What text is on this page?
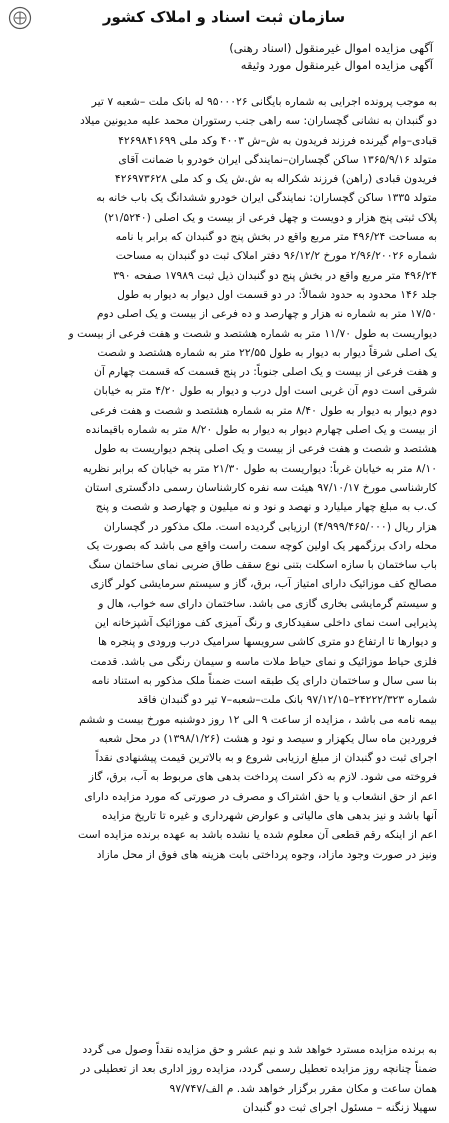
سازمان ثبت اسناد و املاک کشور
آگهی مزایده اموال غیرمنقول (اسناد رهنی)
آگهی مزایده اموال غیرمنقول مورد وثیقه
به موجب پرونده اجرایی به شماره بایگانی ۹۵۰۰۰۲۶ له بانک ملت –شعبه ۷ تیر
دو گنبدان به نشانی گچساران: سه راهی جنب رستوران محمد علیه مدیونین میلاد
قبادی–وام گیرنده فرزند فریدون به ش–ش ۴۰۰۳ وکد ملی ۴۲۶۹۸۴۱۶۹۹
متولد ۱۳۶۵/۹/۱۶ ساکن گچساران–نمایندگی ایران خودرو با ضمانت آقای
فریدون قبادی (راهن) فرزند شکراله به ش.ش یک و کد ملی ۴۲۶۹۷۳۶۲۸
متولد ۱۳۳۵ ساکن گچساران: نمایندگی ایران خودرو ششدانگ یک باب خانه به
پلاک ثبتی پنج هزار و دویست و چهل فرعی از بیست و یک اصلی (۲۱/۵۲۴۰)
به مساحت ۴۹۶/۲۴ متر مربع واقع در بخش پنج دو گنبدان که برابر با نامه
شماره ۲/۹۶/۲۰۰۲۶ مورخ ۹۶/۱۲/۲ دفتر املاک ثبت دو گنبدان به مساحت
۴۹۶/۲۴ متر مربع واقع در بخش پنج دو گنبدان ذیل ثبت ۱۷۹۸۹ صفحه ۳۹۰
جلد ۱۴۶ محدود به حدود شمالاً: در دو قسمت اول دیوار به دیوار به طول
۱۷/۵۰ متر به شماره نه هزار و چهارصد و ده فرعی از بیست و یک اصلی دوم
دیواریست به طول ۱۱/۷۰ متر به شماره هشتصد و شصت و هفت فرعی از بیست و
یک اصلی شرقاً دیوار به دیوار به طول ۲۲/۵۵ متر به شماره هشتصد و شصت
و هفت فرعی از بیست و یک اصلی جنوباً: در پنج قسمت که قسمت چهارم آن
شرقی است دوم آن غربی است اول درب و دیوار به طول ۴/۲۰ متر به خیابان
دوم دیوار به دیوار به طول ۸/۴۰ متر به شماره هشتصد و شصت و هفت فرعی
از بیست و یک اصلی چهارم دیوار به دیوار به طول ۸/۲۰ متر به شماره باقیمانده
هشتصد و شصت و هفت فرعی از بیست و یک اصلی پنجم دیواریست به طول
۸/۱۰ متر به خیابان غرباً: دیواریست به طول ۲۱/۳۰ متر به خیابان که برابر نظریه
کارشناسی مورخ ۹۷/۱۰/۱۷ هیئت سه نفره کارشناسان رسمی دادگستری استان
ک.ب به مبلغ چهار میلیارد و نهصد و نود و نه میلیون و چهارصد و شصت و پنج
هزار ریال (۴/۹۹۹/۴۶۵/۰۰۰) ارزیابی گردیده است. ملک مذکور در گچساران
محله رادک برزگمهر یک اولین کوچه سمت راست واقع می باشد که بصورت یک
باب ساختمان با سازه اسکلت بتنی نوع سقف طاق ضربی نمای ساختمان سنگ
مصالح کف موزائیک دارای امتیاز آب، برق، گاز و سیستم سرمایشی کولر گازی
و سیستم گرمایشی بخاری گازی می باشد. ساختمان دارای سه خواب، هال و
پذیرایی است نمای داخلی سفیدکاری و رنگ آمیزی کف موزائیک آشپزخانه این
و دیوارها تا ارتفاع دو متری کاشی سرویسها سرامیک درب ورودی و پنجره ها
فلزی حیاط موزائیک و نمای حیاط ملات ماسه و سیمان رنگی می باشد. قدمت
بنا سی سال و ساختمان دارای یک طبقه است ضمناً ملک مذکور به استناد نامه
شماره ۲۴۲۲۲/۳۲۳–۹۷/۱۲/۱۵ بانک ملت–شعبه–۷ تیر دو گنبدان فاقد
بیمه نامه می باشد ، مزایده از ساعت ۹ الی ۱۲ روز دوشنبه مورخ بیست و ششم
فروردین ماه سال یکهزار و سیصد و نود و هشت (۱۳۹۸/۱/۲۶) در محل شعبه
اجرای ثبت دو گنبدان از مبلغ ارزیابی شروع و به بالاترین قیمت پیشنهادی نقداً
فروخته می شود. لازم به ذکر است پرداخت بدهی های مربوط به آب، برق، گاز
اعم از حق انشعاب و یا حق اشتراک و مصرف در صورتی که مورد مزایده دارای
آنها باشد و نیز بدهی های مالیاتی و عوارض شهرداری و غیره تا تاریخ مزایده
اعم از اینکه رقم قطعی آن معلوم شده یا نشده باشد به عهده برنده مزایده است
ونیز در صورت وجود مازاد، وجوه پرداختی بابت هزینه های فوق از محل مازاد
به برنده مزایده مسترد خواهد شد و نیم عشر و حق مزایده نقداً وصول می گردد
ضمناً چنانچه روز مزایده تعطیل رسمی گردد، مزایده روز اداری بعد از تعطیلی در
همان ساعت و مکان مقرر برگزار خواهد شد. م الف/۹۷/۷۴۷
سهیلا زنگنه – مسئول اجرای ثبت دو گنبدان
